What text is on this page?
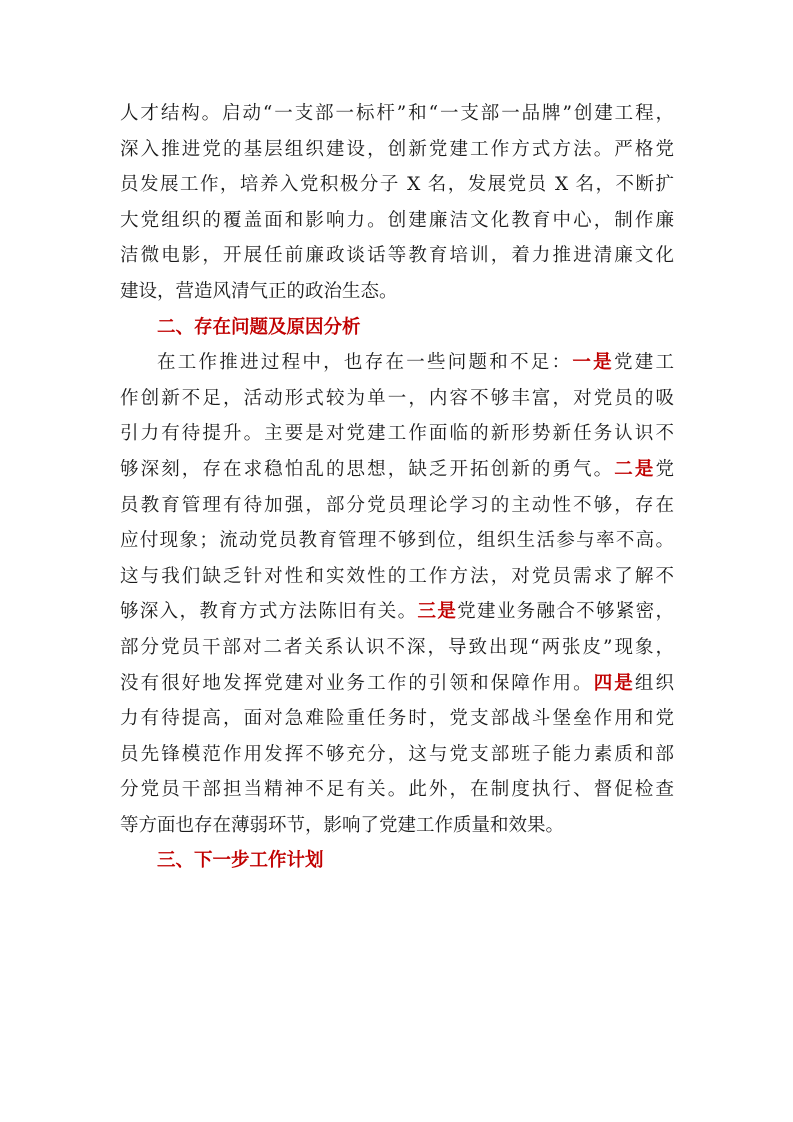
人才结构。启动“一支部一标杆”和“一支部一品牌”创建工程，
深入推进党的基层组织建设，创新党建工作方式方法。严格党
员发展工作，培养入党积极分子 X 名，发展党员 X 名，不断扩
大党组织的覆盖面和影响力。创建廉洁文化教育中心，制作廉
洁微电影，开展任前廉政谈话等教育培训，着力推进清廉文化
建设，营造风清气正的政治生态。
二、存在问题及原因分析
在工作推进过程中，也存在一些问题和不足：一是党建工
作创新不足，活动形式较为单一，内容不够丰富，对党员的吸
引力有待提升。主要是对党建工作面临的新形势新任务认识不
够深刻，存在求稳怕乱的思想，缺乏开拓创新的勇气。二是党
员教育管理有待加强，部分党员理论学习的主动性不够，存在
应付现象；流动党员教育管理不够到位，组织生活参与率不高。
这与我们缺乏针对性和实效性的工作方法，对党员需求了解不
够深入，教育方式方法陈旧有关。三是党建业务融合不够紧密，
部分党员干部对二者关系认识不深，导致出现“两张皮”现象，
没有很好地发挥党建对业务工作的引领和保障作用。四是组织
力有待提高，面对急难险重任务时，党支部战斗堡垒作用和党
员先锋模范作用发挥不够充分，这与党支部班子能力素质和部
分党员干部担当精神不足有关。此外，在制度执行、督促检查
等方面也存在薄弱环节，影响了党建工作质量和效果。
三、下一步工作计划
